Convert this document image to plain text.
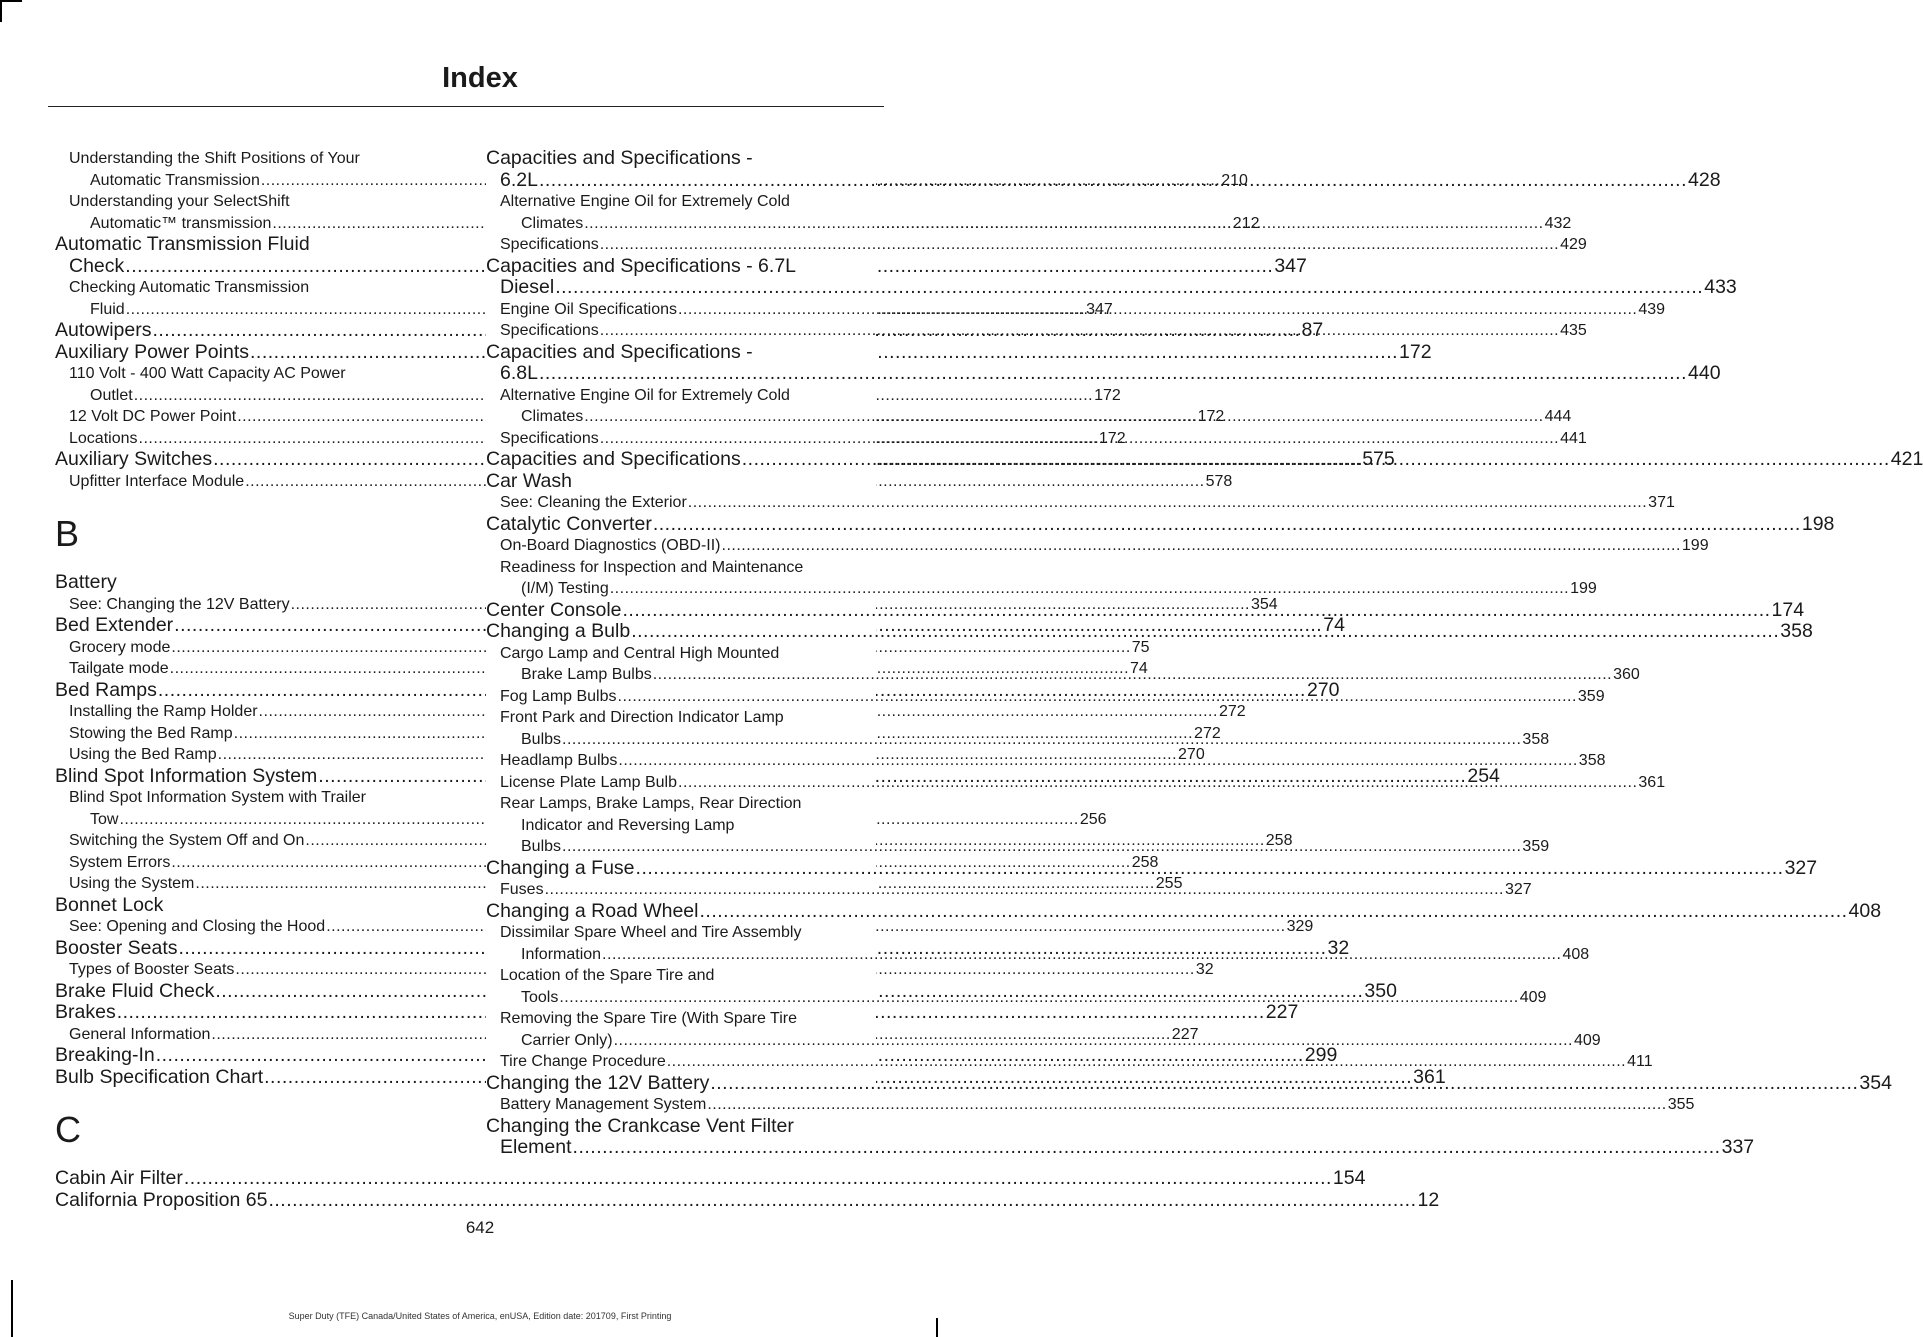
Index
Understanding the Shift Positions of Your
Automatic Transmission .....	210
Understanding your SelectShift
Automatic™ transmission .....	212
Automatic Transmission Fluid
Check .....	347
Checking Automatic Transmission
Fluid .....	347
Autowipers .....	87
Auxiliary Power Points .....	172
110 Volt - 400 Watt Capacity AC Power
Outlet .....	172
12 Volt DC Power Point .....	172
Locations .....	172
Auxiliary Switches .....	575
Upfitter Interface Module .....	578
B
Battery
See: Changing the 12V Battery .....	354
Bed Extender .....	74
Grocery mode .....	75
Tailgate mode .....	74
Bed Ramps .....	270
Installing the Ramp Holder .....	272
Stowing the Bed Ramp .....	272
Using the Bed Ramp .....	270
Blind Spot Information System .....	254
Blind Spot Information System with Trailer
Tow .....	256
Switching the System Off and On .....	258
System Errors .....	258
Using the System .....	255
Bonnet Lock
See: Opening and Closing the Hood .....	329
Booster Seats .....	32
Types of Booster Seats .....	32
Brake Fluid Check .....	350
Brakes .....	227
General Information .....	227
Breaking-In .....	299
Bulb Specification Chart .....	361
C
Cabin Air Filter .....	154
California Proposition 65 .....	12
Capacities and Specifications -
6.2L .....	428
Alternative Engine Oil for Extremely Cold
Climates .....	432
Specifications .....	429
Capacities and Specifications - 6.7L
Diesel .....	433
Engine Oil Specifications .....	439
Specifications .....	435
Capacities and Specifications -
6.8L .....	440
Alternative Engine Oil for Extremely Cold
Climates .....	444
Specifications .....	441
Capacities and Specifications .....	421
Car Wash
See: Cleaning the Exterior .....	371
Catalytic Converter .....	198
On-Board Diagnostics (OBD-II) .....	199
Readiness for Inspection and Maintenance
(I/M) Testing .....	199
Center Console .....	174
Changing a Bulb .....	358
Cargo Lamp and Central High Mounted
Brake Lamp Bulbs .....	360
Fog Lamp Bulbs .....	359
Front Park and Direction Indicator Lamp
Bulbs .....	358
Headlamp Bulbs .....	358
License Plate Lamp Bulb .....	361
Rear Lamps, Brake Lamps, Rear Direction
Indicator and Reversing Lamp
Bulbs .....	359
Changing a Fuse .....	327
Fuses .....	327
Changing a Road Wheel .....	408
Dissimilar Spare Wheel and Tire Assembly
Information .....	408
Location of the Spare Tire and
Tools .....	409
Removing the Spare Tire (With Spare Tire
Carrier Only) .....	409
Tire Change Procedure .....	411
Changing the 12V Battery .....	354
Battery Management System .....	355
Changing the Crankcase Vent Filter
Element .....	337
642
Super Duty (TFE) Canada/United States of America, enUSA, Edition date: 201709, First Printing
